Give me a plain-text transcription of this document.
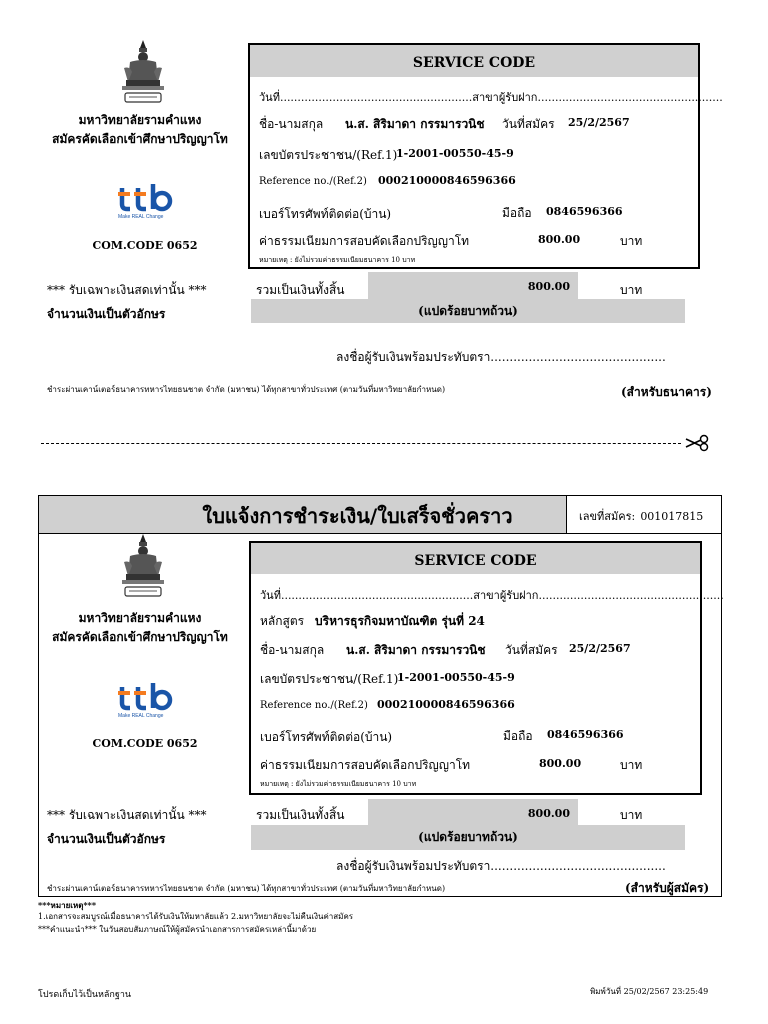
มหาวิทยาลัยรามคำแหง
สมัครคัดเลือกเข้าศึกษาปริญญาโท
Make REAL Change
COM.CODE 0652
SERVICE CODE
วันที่.......................................................สาขาผู้รับฝาก.....................................................
ชื่อ-นามสกุล น.ส. สิริมาดา กรรมารวนิช วันที่สมัคร 25/2/2567
เลขบัตรประชาชน/(Ref.1)
1-2001-00550-45-9
Reference no./(Ref.2) 000210000846596366
เบอร์โทรศัพท์ติดต่อ(บ้าน)	มือถือ 0846596366
ค่าธรรมเนียมการสอบคัดเลือกปริญญาโท	800.00	บาท
หมายเหตุ : ยังไม่รวมค่าธรรมเนียมธนาคาร 10 บาท
*** รับเฉพาะเงินสดเท่านั้น ***	รวมเป็นเงินทั้งสิ้น	800.00	บาท
จำนวนเงินเป็นตัวอักษร	(แปดร้อยบาทถ้วน)
ลงชื่อผู้รับเงินพร้อมประทับตรา..............................................
ชำระผ่านเคาน์เตอร์ธนาคารทหารไทยธนชาต จำกัด (มหาชน) ได้ทุกสาขาทั่วประเทศ (ตามวันที่มหาวิทยาลัยกำหนด)	(สำหรับธนาคาร)
ใบแจ้งการชำระเงิน/ใบเสร็จชั่วคราว	เลขที่สมัคร: 001017815
มหาวิทยาลัยรามคำแหง
สมัครคัดเลือกเข้าศึกษาปริญญาโท
Make REAL Change
COM.CODE 0652
SERVICE CODE
วันที่.......................................................สาขาผู้รับฝาก.....................................................
หลักสูตร บริหารธุรกิจมหาบัณฑิต รุ่นที่ 24
ชื่อ-นามสกุล น.ส. สิริมาดา กรรมารวนิช วันที่สมัคร 25/2/2567
เลขบัตรประชาชน/(Ref.1)
1-2001-00550-45-9
Reference no./(Ref.2) 000210000846596366
เบอร์โทรศัพท์ติดต่อ(บ้าน)	มือถือ 0846596366
ค่าธรรมเนียมการสอบคัดเลือกปริญญาโท	800.00	บาท
หมายเหตุ : ยังไม่รวมค่าธรรมเนียมธนาคาร 10 บาท
*** รับเฉพาะเงินสดเท่านั้น ***	รวมเป็นเงินทั้งสิ้น	800.00	บาท
จำนวนเงินเป็นตัวอักษร	(แปดร้อยบาทถ้วน)
ลงชื่อผู้รับเงินพร้อมประทับตรา..............................................
ชำระผ่านเคาน์เตอร์ธนาคารทหารไทยธนชาต จำกัด (มหาชน) ได้ทุกสาขาทั่วประเทศ (ตามวันที่มหาวิทยาลัยกำหนด)	(สำหรับผู้สมัคร)
***หมายเหตุ***
1.เอกสารจะสมบูรณ์เมื่อธนาคารได้รับเงินให้มหาลัยแล้ว 2.มหาวิทยาลัยจะไม่คืนเงินค่าสมัคร
***คำแนะนำ*** ในวันสอบสัมภาษณ์ให้ผู้สมัครนำเอกสารการสมัครเหล่านี้มาด้วย
โปรดเก็บไว้เป็นหลักฐาน	พิมพ์วันที่ 25/02/2567 23:25:49
